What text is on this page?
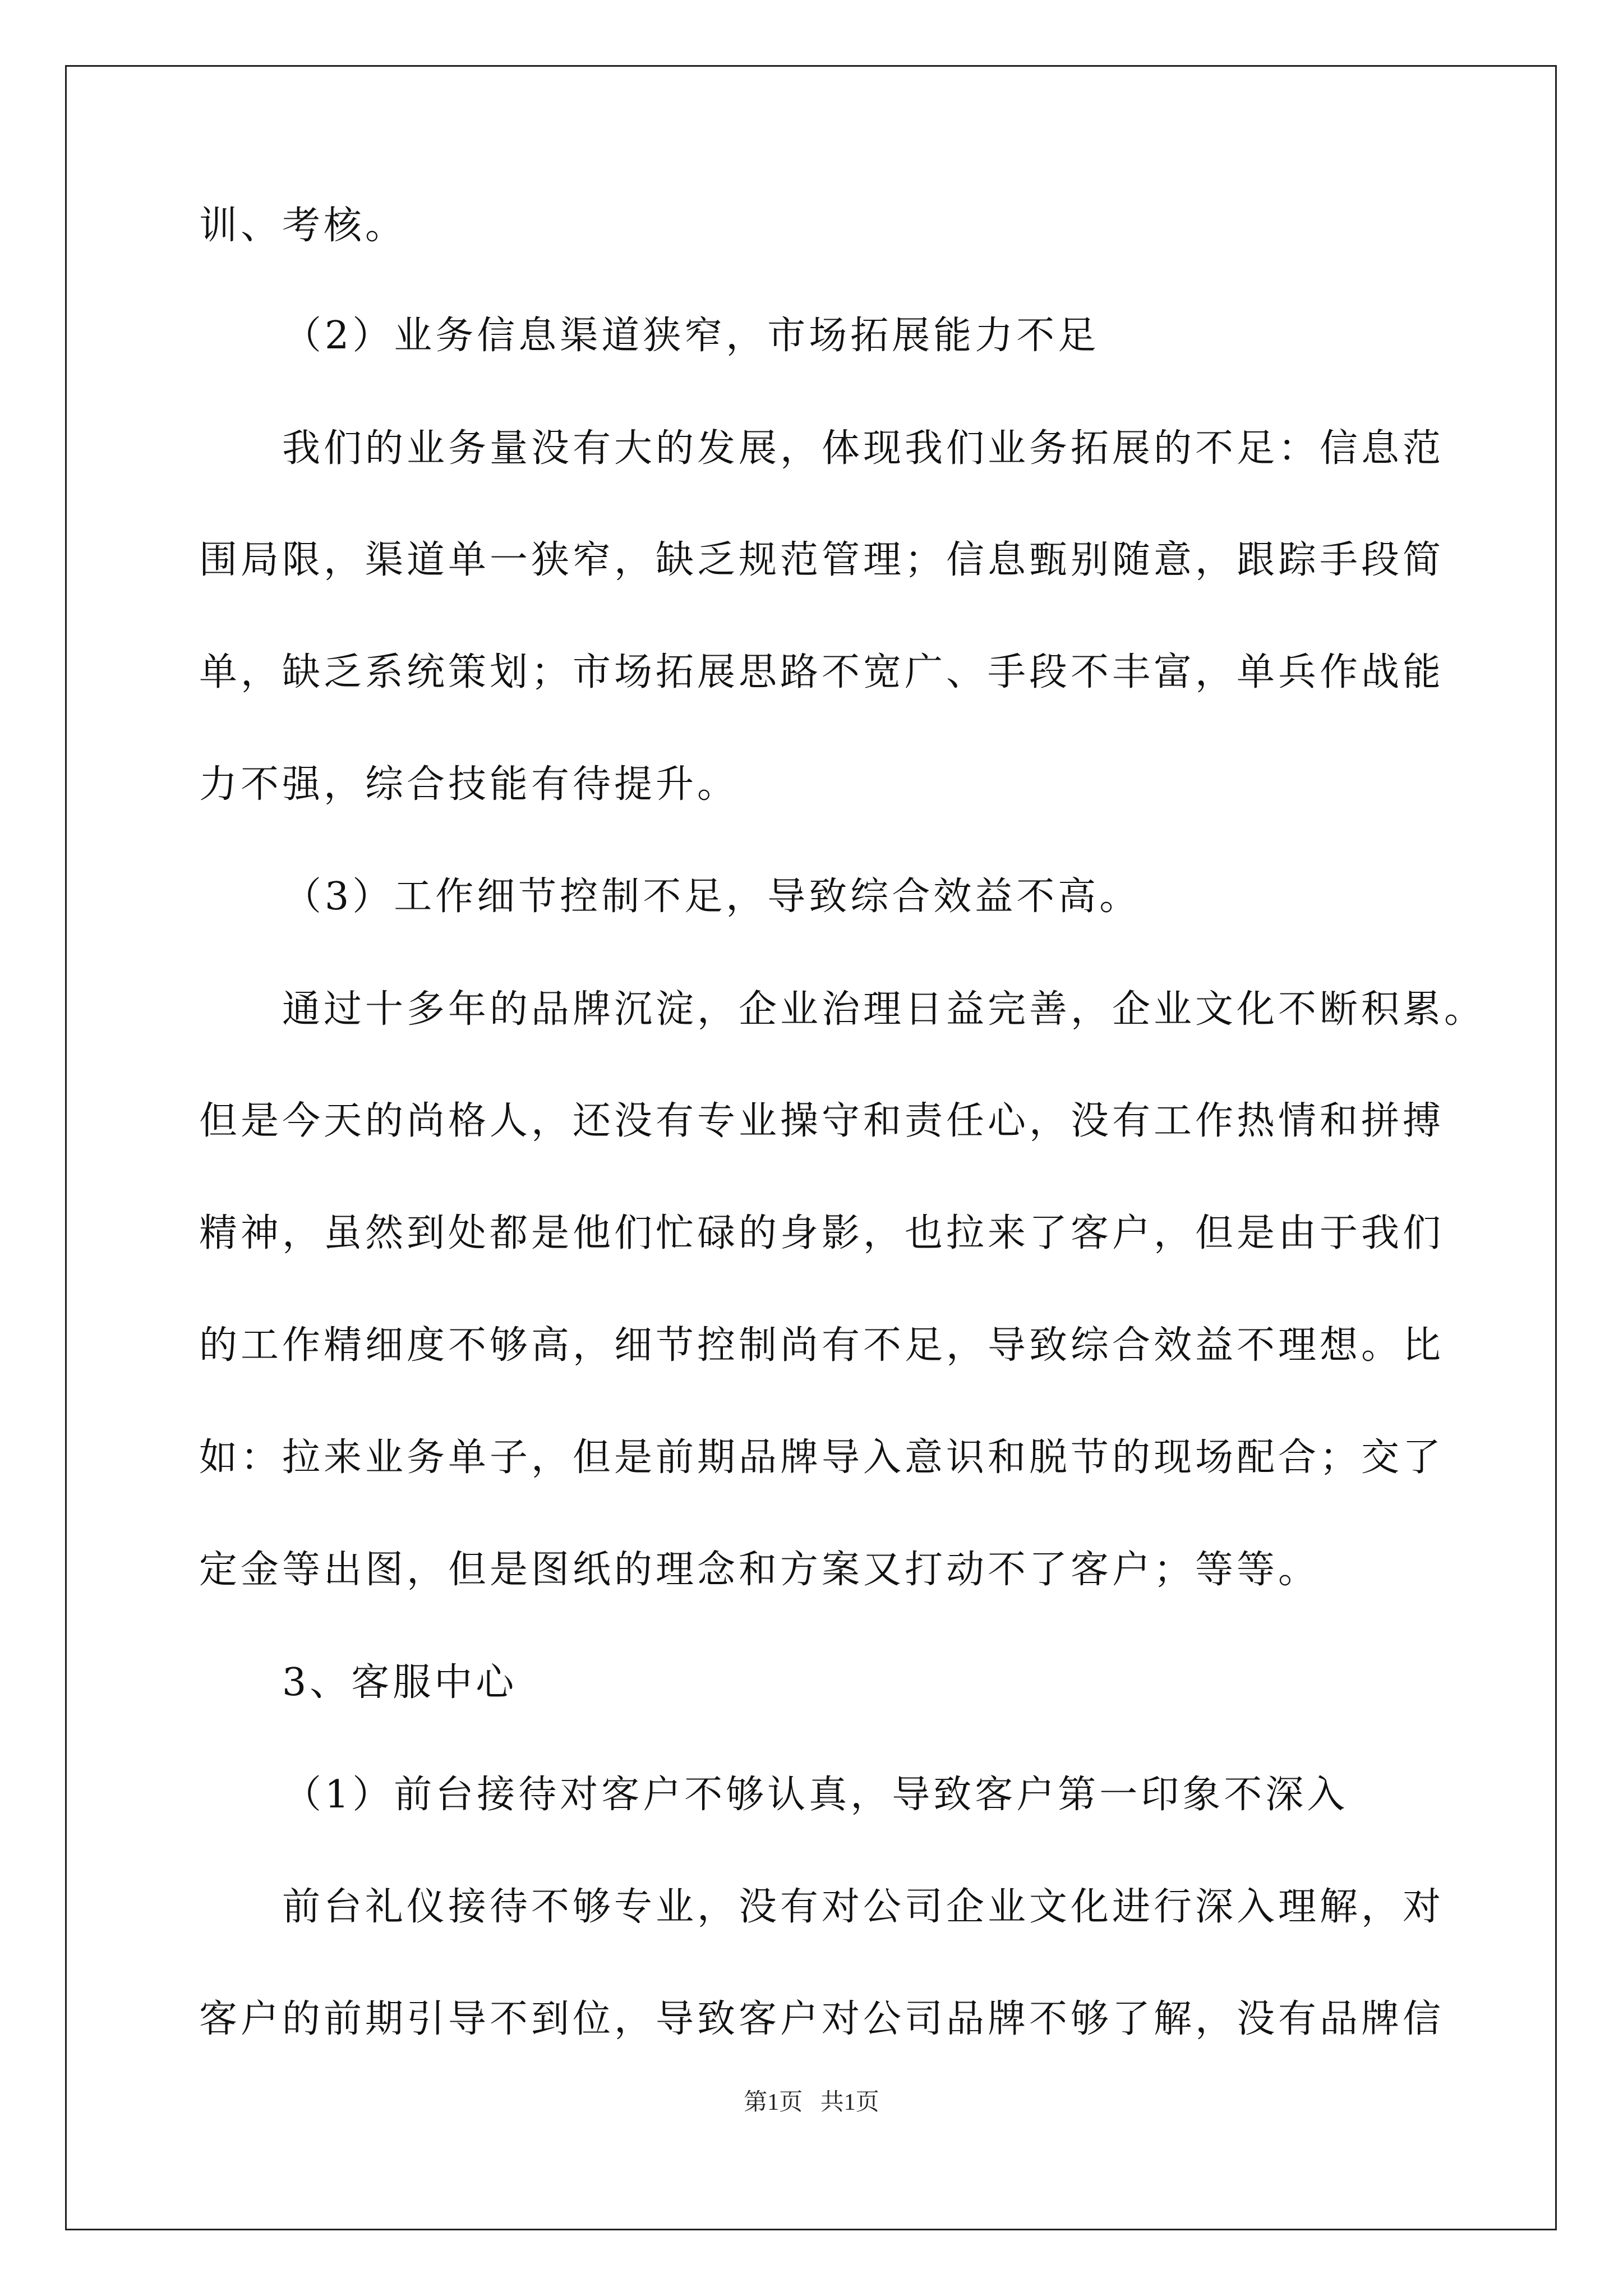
训、考核。
（2）业务信息渠道狭窄，市场拓展能力不足
我们的业务量没有大的发展，体现我们业务拓展的不足：信息范
围局限，渠道单一狭窄，缺乏规范管理；信息甄别随意，跟踪手段简
单，缺乏系统策划；市场拓展思路不宽广、手段不丰富，单兵作战能
力不强，综合技能有待提升。
（3）工作细节控制不足，导致综合效益不高。
通过十多年的品牌沉淀，企业治理日益完善，企业文化不断积累。
但是今天的尚格人，还没有专业操守和责任心，没有工作热情和拼搏
精神，虽然到处都是他们忙碌的身影，也拉来了客户，但是由于我们
的工作精细度不够高，细节控制尚有不足，导致综合效益不理想。比
如：拉来业务单子，但是前期品牌导入意识和脱节的现场配合；交了
定金等出图，但是图纸的理念和方案又打动不了客户；等等。
3、客服中心
（1）前台接待对客户不够认真，导致客户第一印象不深入
前台礼仪接待不够专业，没有对公司企业文化进行深入理解，对
客户的前期引导不到位，导致客户对公司品牌不够了解，没有品牌信
第1页   共1页
